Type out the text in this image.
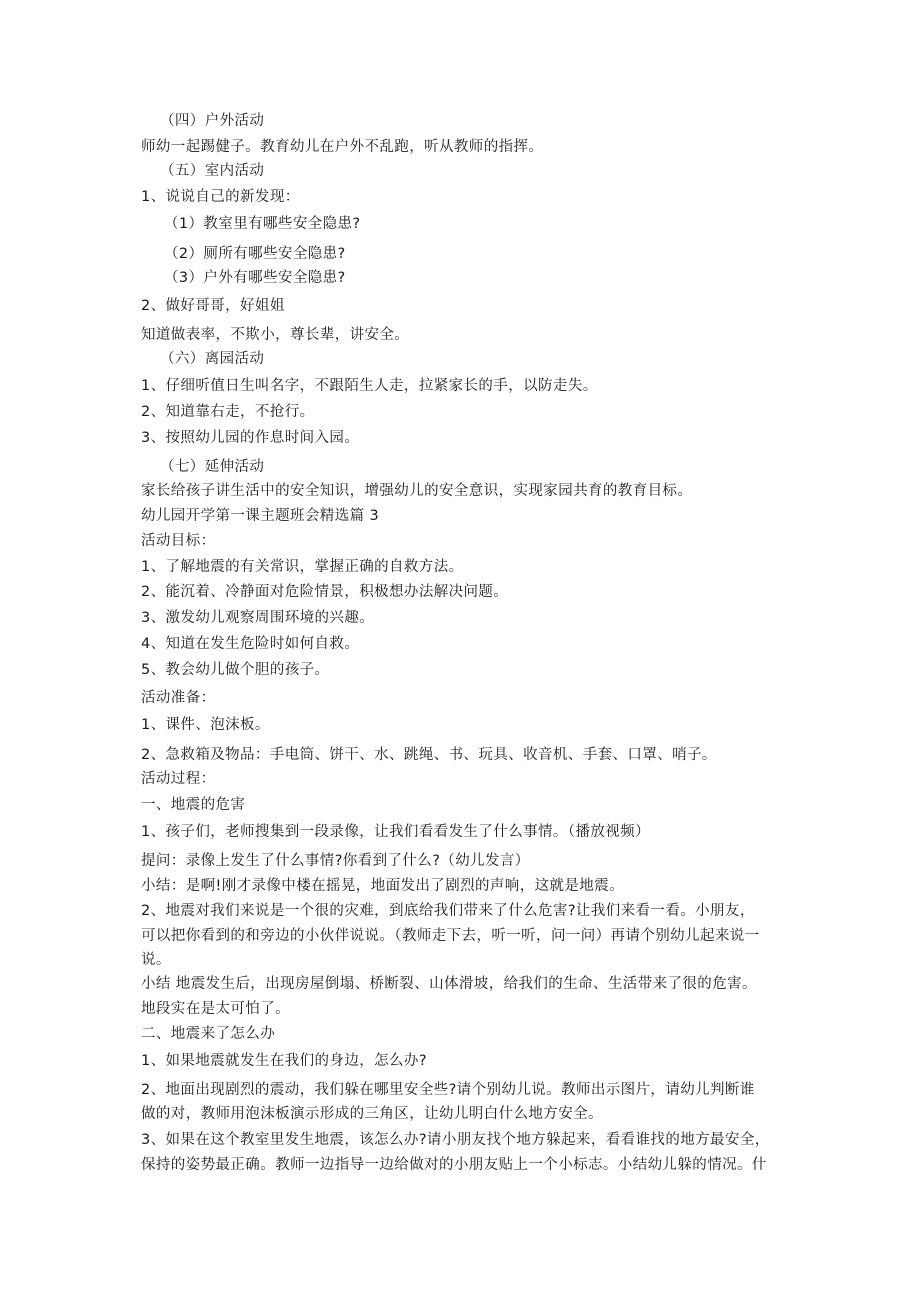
（四）户外活动
师幼一起踢健子。教育幼儿在户外不乱跑，听从教师的指挥。
（五）室内活动
1、说说自己的新发现：
（1）教室里有哪些安全隐患?
（2）厕所有哪些安全隐患?
（3）户外有哪些安全隐患?
2、做好哥哥，好姐姐
知道做表率，不欺小，尊长辈，讲安全。
（六）离园活动
1、仔细听值日生叫名字，不跟陌生人走，拉紧家长的手，以防走失。
2、知道靠右走，不抢行。
3、按照幼儿园的作息时间入园。
（七）延伸活动
家长给孩子讲生活中的安全知识，增强幼儿的安全意识，实现家园共育的教育目标。
幼儿园开学第一课主题班会精选篇 3
活动目标：
1、了解地震的有关常识，掌握正确的自救方法。
2、能沉着、冷静面对危险情景，积极想办法解决问题。
3、激发幼儿观察周围环境的兴趣。
4、知道在发生危险时如何自救。
5、教会幼儿做个胆的孩子。
活动准备：
1、课件、泡沫板。
2、急救箱及物品：手电筒、饼干、水、跳绳、书、玩具、收音机、手套、口罩、哨子。
活动过程：
一、地震的危害
1、孩子们，老师搜集到一段录像，让我们看看发生了什么事情。（播放视频）
提问：录像上发生了什么事情?你看到了什么?（幼儿发言）
小结：是啊!刚才录像中楼在摇晃，地面发出了剧烈的声响，这就是地震。
2、地震对我们来说是一个很的灾难，到底给我们带来了什么危害?让我们来看一看。小朋友，
可以把你看到的和旁边的小伙伴说说。（教师走下去，听一听，问一问）再请个别幼儿起来说一
说。
小结 地震发生后，出现房屋倒塌、桥断裂、山体滑坡，给我们的生命、生活带来了很的危害。
地段实在是太可怕了。
二、地震来了怎么办
1、如果地震就发生在我们的身边，怎么办?
2、地面出现剧烈的震动，我们躲在哪里安全些?请个别幼儿说。教师出示图片，请幼儿判断谁
做的对，教师用泡沫板演示形成的三角区，让幼儿明白什么地方安全。
3、如果在这个教室里发生地震，该怎么办?请小朋友找个地方躲起来，看看谁找的地方最安全，
保持的姿势最正确。教师一边指导一边给做对的小朋友贴上一个小标志。小结幼儿躲的情况。什
